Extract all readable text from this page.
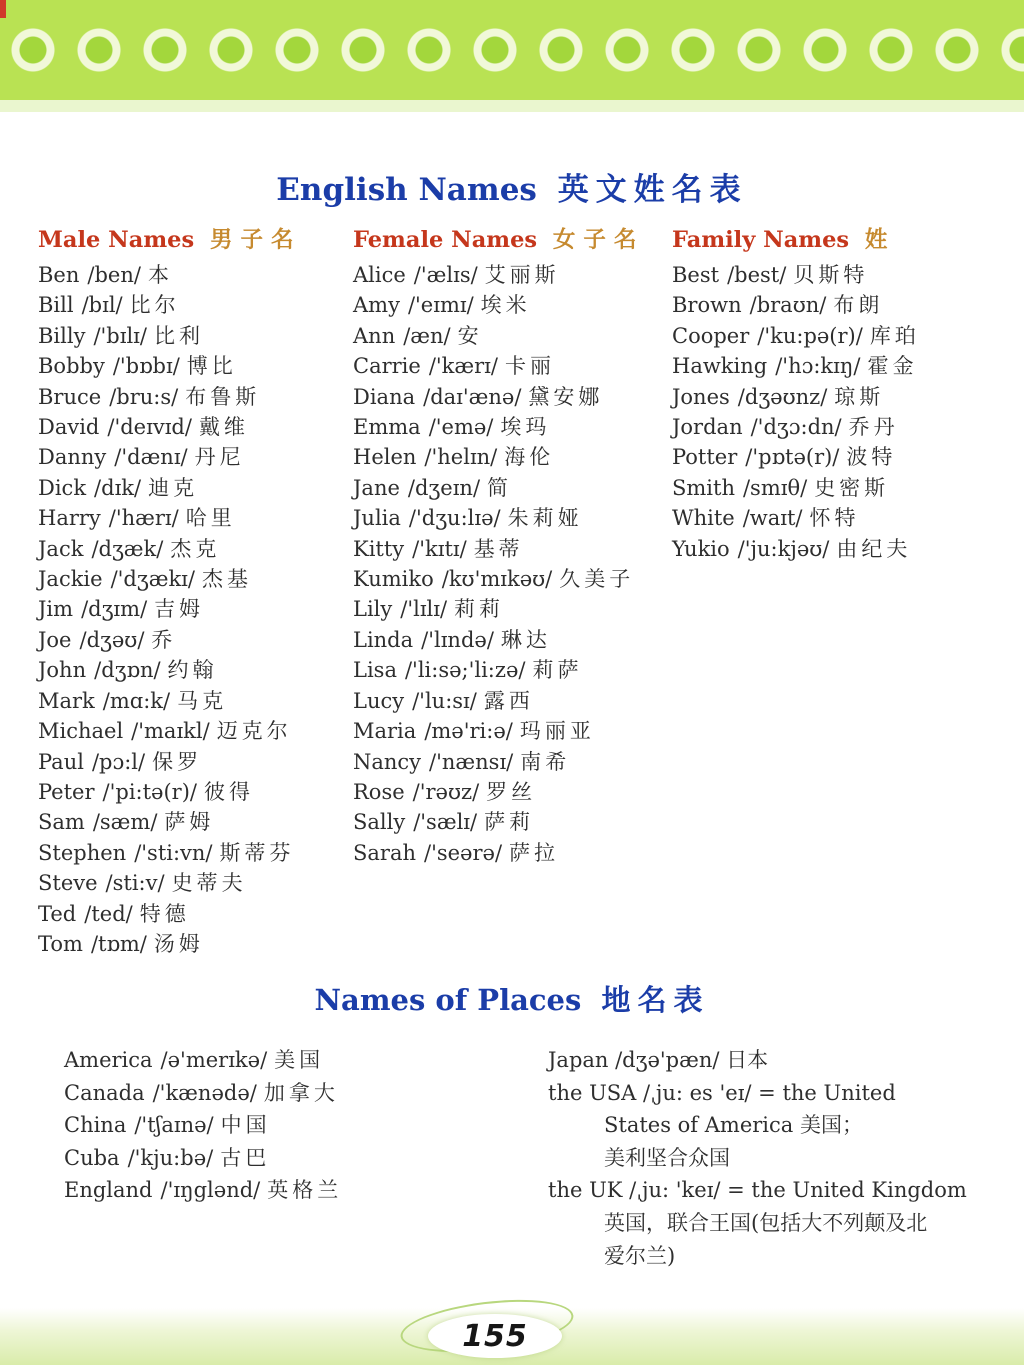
English Names 英文姓名表
Male Names 男子名
Ben /ben/ 本
Bill /bɪl/ 比尔
Billy /'bɪlɪ/ 比利
Bobby /'bɒbɪ/ 博比
Bruce /bru:s/ 布鲁斯
David /'deɪvɪd/ 戴维
Danny /'dænɪ/ 丹尼
Dick /dɪk/ 迪克
Harry /'hærɪ/ 哈里
Jack /dʒæk/ 杰克
Jackie /'dʒækɪ/ 杰基
Jim /dʒɪm/ 吉姆
Joe /dʒəʊ/ 乔
John /dʒɒn/ 约翰
Mark /mɑ:k/ 马克
Michael /'maɪkl/ 迈克尔
Paul /pɔ:l/ 保罗
Peter /'pi:tə(r)/ 彼得
Sam /sæm/ 萨姆
Stephen /'sti:vn/ 斯蒂芬
Steve /sti:v/ 史蒂夫
Ted /ted/ 特德
Tom /tɒm/ 汤姆
Female Names 女子名
Alice /'ælɪs/ 艾丽斯
Amy /'eɪmɪ/ 埃米
Ann /æn/ 安
Carrie /'kærɪ/ 卡丽
Diana /daɪ'ænə/ 黛安娜
Emma /'emə/ 埃玛
Helen /'helɪn/ 海伦
Jane /dʒeɪn/ 简
Julia /'dʒu:lɪə/ 朱莉娅
Kitty /'kɪtɪ/ 基蒂
Kumiko /kʊ'mɪkəʊ/ 久美子
Lily /'lɪlɪ/ 莉莉
Linda /'lɪndə/ 琳达
Lisa /'li:sə;'li:zə/ 莉萨
Lucy /'lu:sɪ/ 露西
Maria /mə'ri:ə/ 玛丽亚
Nancy /'nænsɪ/ 南希
Rose /'rəʊz/ 罗丝
Sally /'sælɪ/ 萨莉
Sarah /'seərə/ 萨拉
Family Names 姓
Best /best/ 贝斯特
Brown /braʊn/ 布朗
Cooper /'ku:pə(r)/ 库珀
Hawking /'hɔ:kɪŋ/ 霍金
Jones /dʒəʊnz/ 琼斯
Jordan /'dʒɔ:dn/ 乔丹
Potter /'pɒtə(r)/ 波特
Smith /smɪθ/ 史密斯
White /waɪt/ 怀特
Yukio /'ju:kjəʊ/ 由纪夫
Names of Places 地名表
America /ə'merɪkə/ 美国
Canada /'kænədə/ 加拿大
China /'tʃaɪnə/ 中国
Cuba /'kju:bə/ 古巴
England /'ɪŋglənd/ 英格兰
Japan /dʒə'pæn/ 日本
the USA /ˌju: es 'eɪ/ = the United
States of America 美国；
美利坚合众国
the UK /ˌju: 'keɪ/ = the United Kingdom
英国，联合王国(包括大不列颠及北
爱尔兰)
155
